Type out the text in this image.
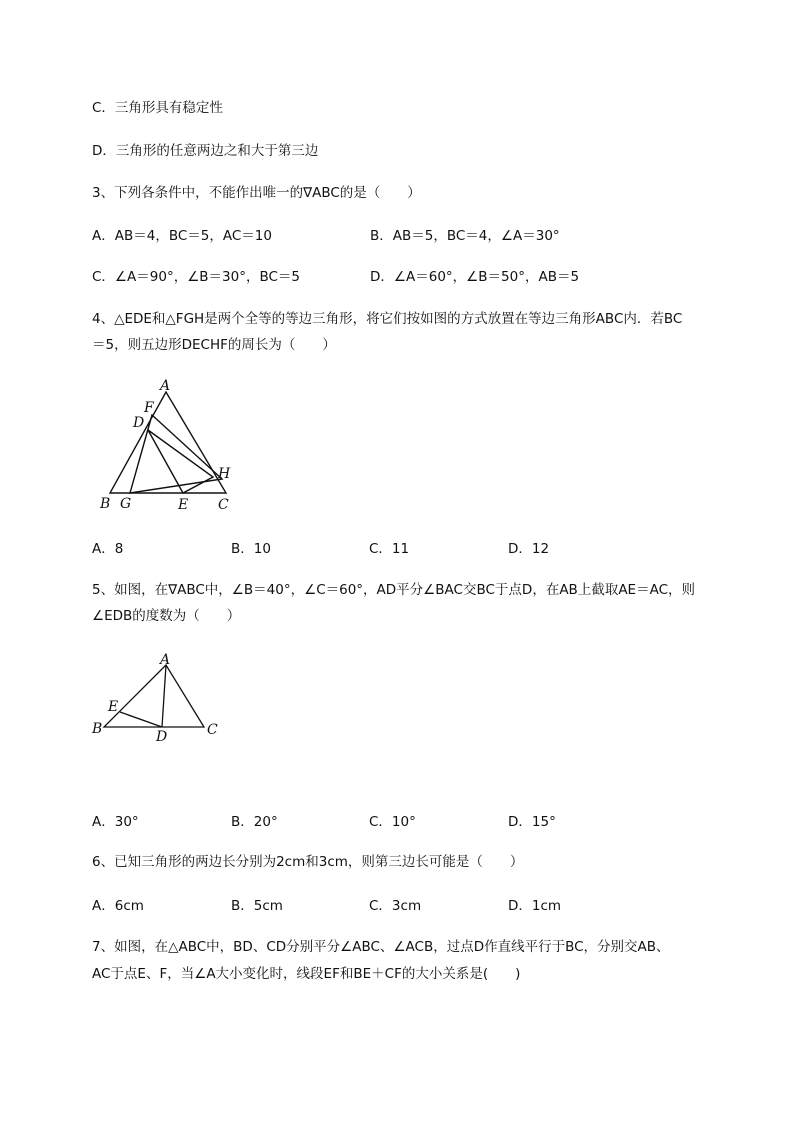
C．三角形具有稳定性
D．三角形的任意两边之和大于第三边
3、下列各条件中，不能作出唯一的∇ABC的是（　　）
A．AB＝4，BC＝5，AC＝10	B．AB＝5，BC＝4，∠A＝30°
C．∠A＝90°，∠B＝30°，BC＝5	D．∠A＝60°，∠B＝50°，AB＝5
4、△EDE和△FGH是两个全等的等边三角形，将它们按如图的方式放置在等边三角形ABC内．若BC
＝5，则五边形DECHF的周长为（　　）
A
F
D
H
B G	E C
A．8	B．10	C．11	D．12
5、如图，在∇ABC中，∠B＝40°，∠C＝60°，AD平分∠BAC交BC于点D，在AB上截取AE＝AC，则
∠EDB的度数为（　　）
A
E
B	D	C
A．30°	B．20°	C．10°	D．15°
6、已知三角形的两边长分别为2cm和3cm，则第三边长可能是（　　）
A．6cm	B．5cm	C．3cm	D．1cm
7、如图，在△ABC中，BD、CD分别平分∠ABC、∠ACB，过点D作直线平行于BC，分别交AB、
AC于点E、F，当∠A大小变化时，线段EF和BE＋CF的大小关系是(　　)
